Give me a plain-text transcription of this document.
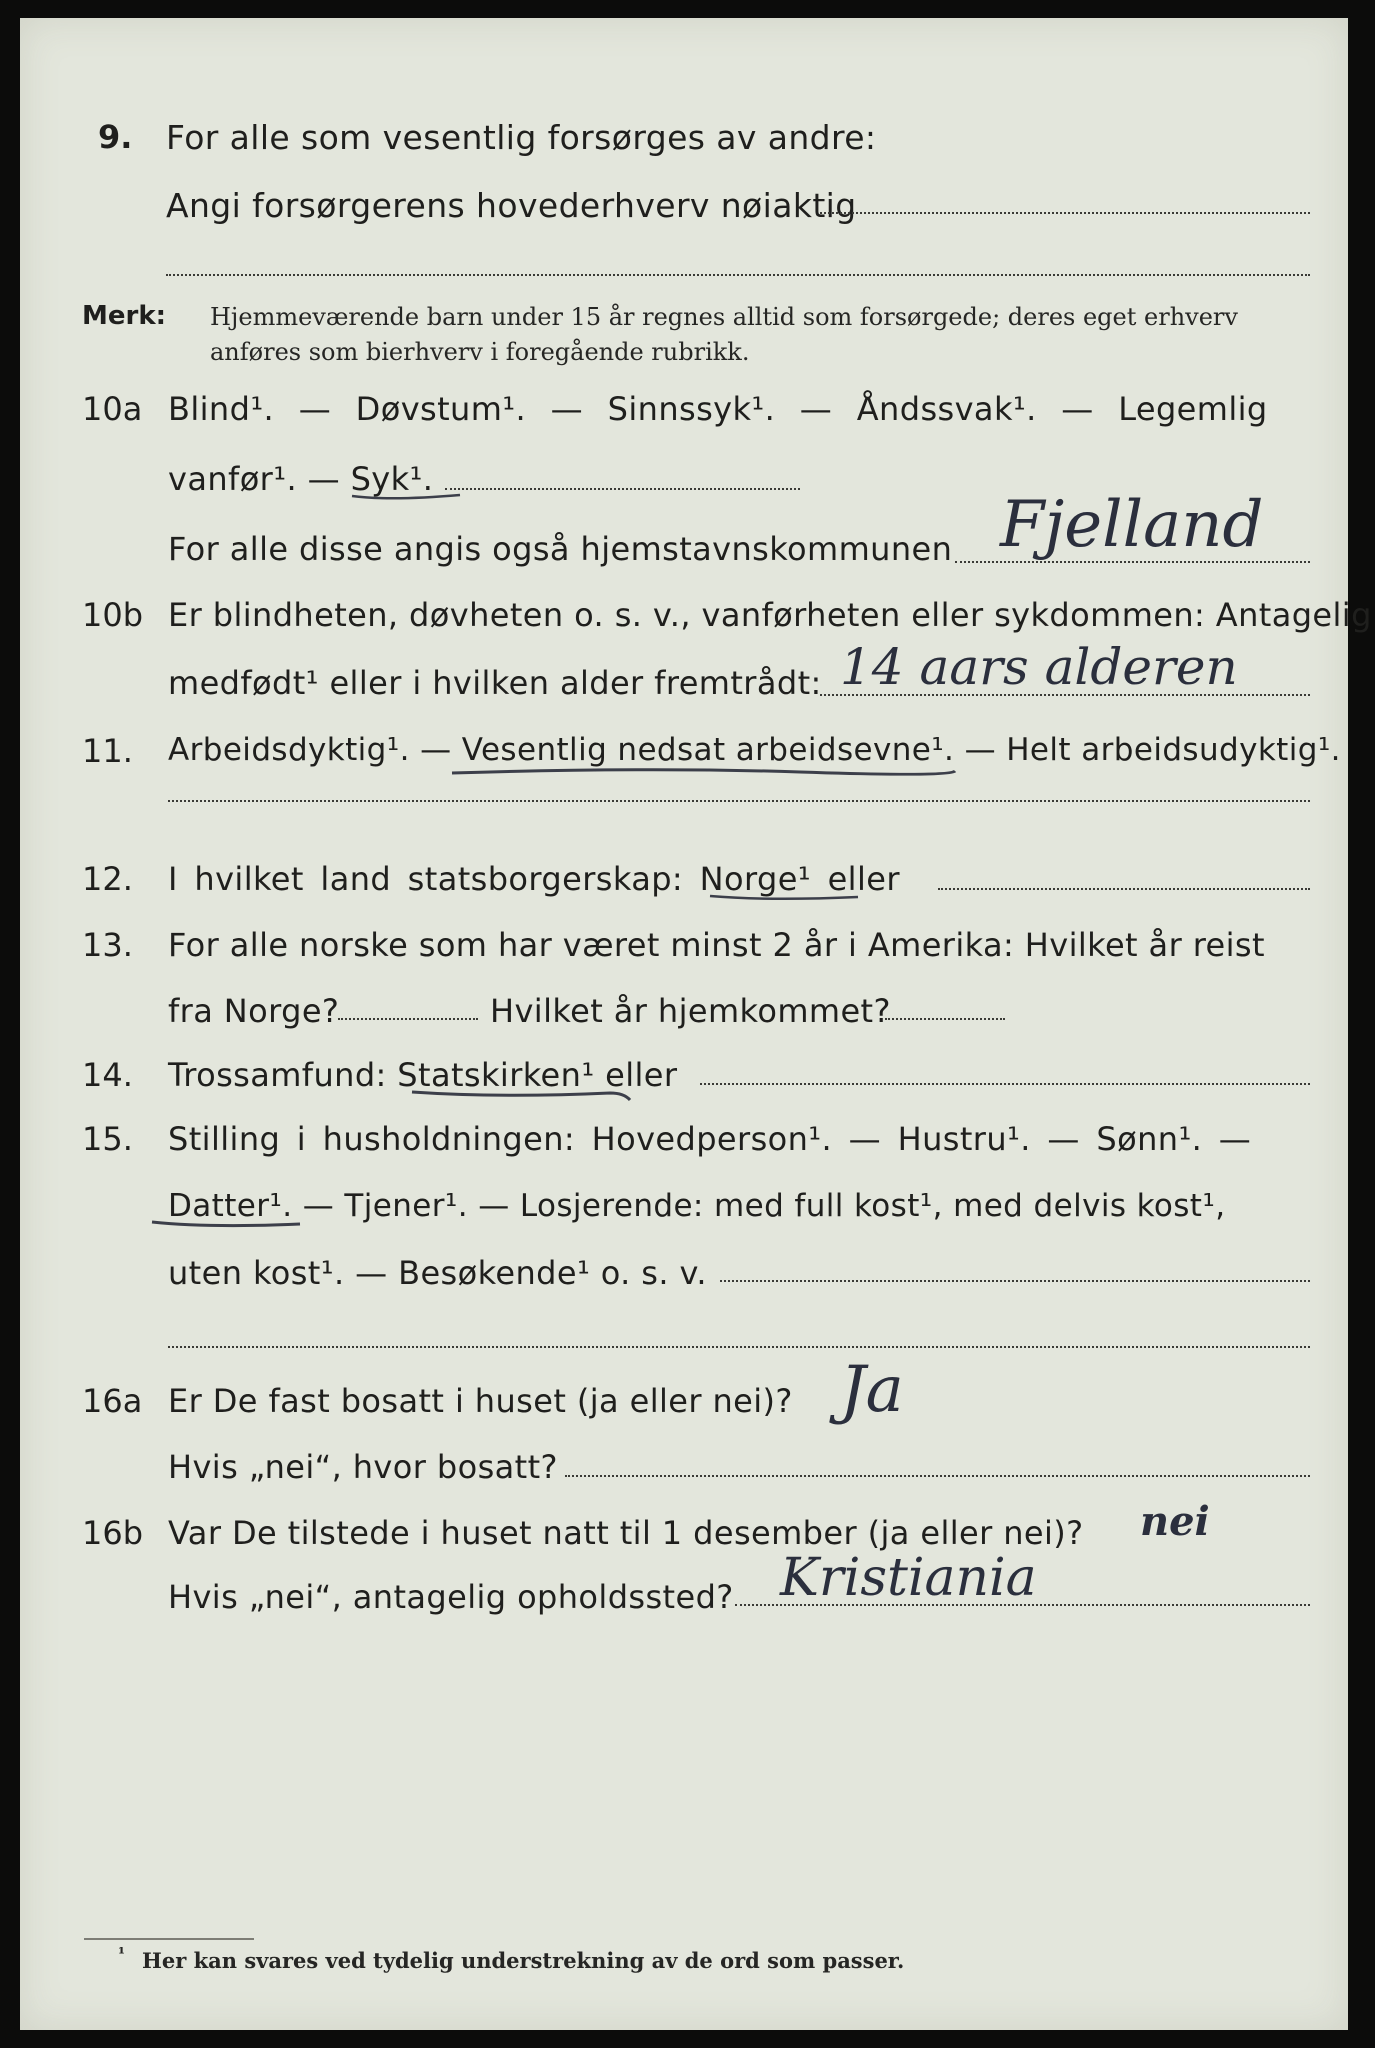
9. For alle som vesentlig forsørges av andre:
Angi forsørgerens hovederhverv nøiaktig
Merk: Hjemmeværende barn under 15 år regnes alltid som forsørgede; deres eget erhverv
anføres som bierhverv i foregående rubrikk.
10a Blind¹. — Døvstum¹. — Sinnssyk¹. — Åndssvak¹. — Legemlig
vanfør¹. — Syk¹.
For alle disse angis også hjemstavnskommunen Fjelland
10b Er blindheten, døvheten o. s. v., vanførheten eller sykdommen: Antagelig
medfødt¹ eller i hvilken alder fremtrådt: 14 aars alderen
11. Arbeidsdyktig¹. — Vesentlig nedsat arbeidsevne¹. — Helt arbeidsudyktig¹.
12. I hvilket land statsborgerskap: Norge¹ eller
13. For alle norske som har været minst 2 år i Amerika: Hvilket år reist
fra Norge?	Hvilket år hjemkommet?
14. Trossamfund: Statskirken¹ eller
15. Stilling i husholdningen: Hovedperson¹. — Hustru¹. — Sønn¹. —
Datter¹. — Tjener¹. — Losjerende: med full kost¹, med delvis kost¹,
uten kost¹. — Besøkende¹ o. s. v.
16a Er De fast bosatt i huset (ja eller nei)? Ja
Hvis „nei“, hvor bosatt?
16b Var De tilstede i huset natt til 1 desember (ja eller nei)? nei
Hvis „nei“, antagelig opholdssted? Kristiania
¹ Her kan svares ved tydelig understrekning av de ord som passer.
